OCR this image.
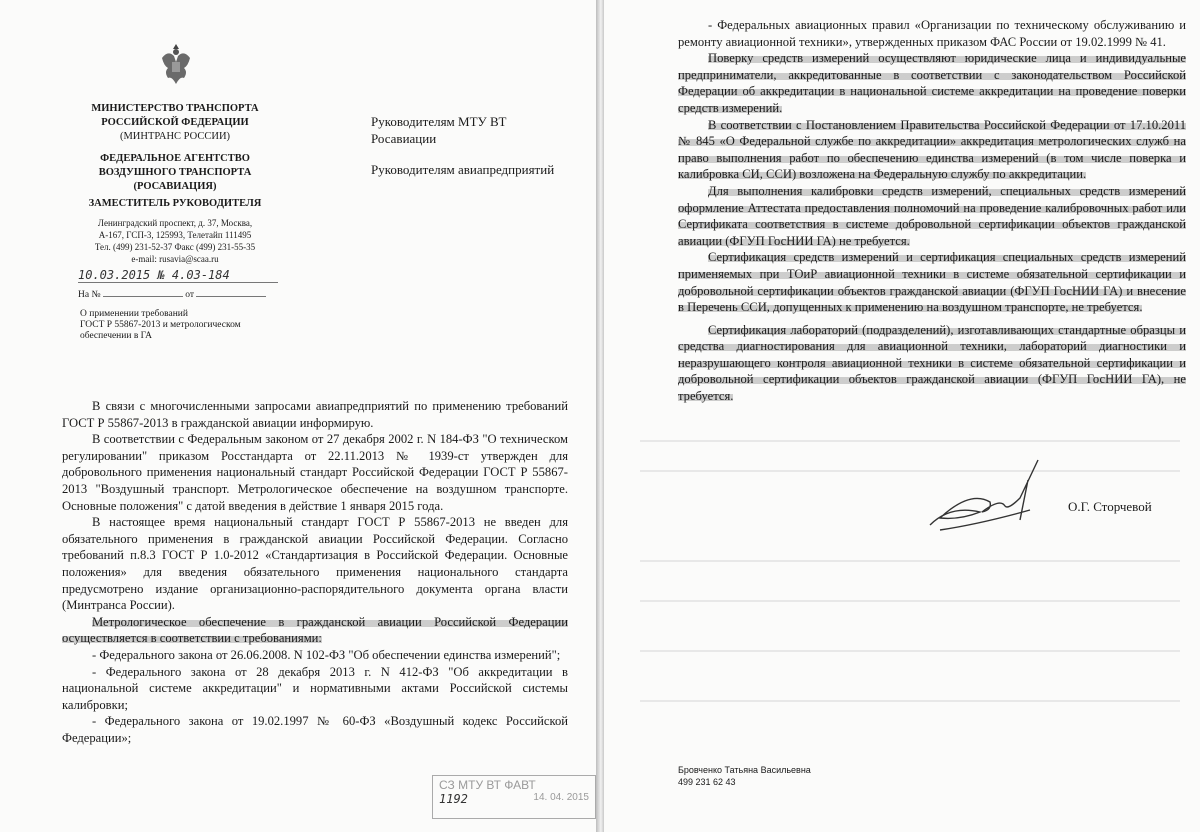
МИНИСТЕРСТВО ТРАНСПОРТА
РОССИЙСКОЙ ФЕДЕРАЦИИ
(МИНТРАНС РОССИИ)
ФЕДЕРАЛЬНОЕ АГЕНТСТВО
ВОЗДУШНОГО ТРАНСПОРТА
(РОСАВИАЦИЯ)
ЗАМЕСТИТЕЛЬ РУКОВОДИТЕЛЯ
Ленинградский проспект, д. 37, Москва,
А-167, ГСП-3, 125993, Телетайп 111495
Тел. (499) 231-52-37 Факс (499) 231-55-35
e-mail: rusavia@scaa.ru
10.03.2015 № 4.03-184
На №	от
О применении требований
ГОСТ Р 55867-2013 и метрологическом
обеспечении в ГА
Руководителям МТУ ВТ
Росавиации
Руководителям авиапредприятий

В связи с многочисленными запросами авиапредприятий по применению требований ГОСТ Р 55867-2013 в гражданской авиации информирую.

В соответствии с Федеральным законом от 27 декабря 2002 г. N 184-ФЗ "О техническом регулировании" приказом Росстандарта от 22.11.2013 № 1939-ст утвержден для добровольного применения национальный стандарт Российской Федерации ГОСТ Р 55867-2013 "Воздушный транспорт. Метрологическое обеспечение на воздушном транспорте. Основные положения" с датой введения в действие 1 января 2015 года.

В настоящее время национальный стандарт ГОСТ Р 55867-2013 не введен для обязательного применения в гражданской авиации Российской Федерации. Согласно требований п.8.3 ГОСТ Р 1.0-2012 «Стандартизация в Российской Федерации. Основные положения» для введения обязательного применения национального стандарта предусмотрено издание организационно-распорядительного документа органа власти (Минтранса России).

Метрологическое обеспечение в гражданской авиации Российской Федерации осуществляется в соответствии с требованиями:

- Федерального закона от 26.06.2008. N 102-ФЗ "Об обеспечении единства измерений";

- Федерального закона от 28 декабря 2013 г. N 412-ФЗ "Об аккредитации в национальной системе аккредитации" и нормативными актами Российской системы калибровки;

- Федерального закона от 19.02.1997 № 60-ФЗ «Воздушный кодекс Российской Федерации»;

СЗ МТУ ВТ ФАВТ
1192	14. 04. 2015

- Федеральных авиационных правил «Организации по техническому обслуживанию и ремонту авиационной техники», утвержденных приказом ФАС России от 19.02.1999 № 41.

Поверку средств измерений осуществляют юридические лица и индивидуальные предприниматели, аккредитованные в соответствии с законодательством Российской Федерации об аккредитации в национальной системе аккредитации на проведение поверки средств измерений.

В соответствии с Постановлением Правительства Российской Федерации от 17.10.2011 № 845 «О Федеральной службе по аккредитации» аккредитация метрологических служб на право выполнения работ по обеспечению единства измерений (в том числе поверка и калибровка СИ, ССИ) возложена на Федеральную службу по аккредитации.

Для выполнения калибровки средств измерений, специальных средств измерений оформление Аттестата предоставления полномочий на проведение калибровочных работ или Сертификата соответствия в системе добровольной сертификации объектов гражданской авиации (ФГУП ГосНИИ ГА) не требуется.

Сертификация средств измерений и сертификация специальных средств измерений применяемых при ТОиР авиационной техники в системе обязательной сертификации и добровольной сертификации объектов гражданской авиации (ФГУП ГосНИИ ГА) и внесение в Перечень ССИ, допущенных к применению на воздушном транспорте, не требуется.

Сертификация лабораторий (подразделений), изготавливающих стандартные образцы и средства диагностирования для авиационной техники, лабораторий диагностики и неразрушающего контроля авиационной техники в системе обязательной сертификации и добровольной сертификации объектов гражданской авиации (ФГУП ГосНИИ ГА), не требуется.

О.Г. Сторчевой
Бровченко Татьяна Васильевна
499 231 62 43
